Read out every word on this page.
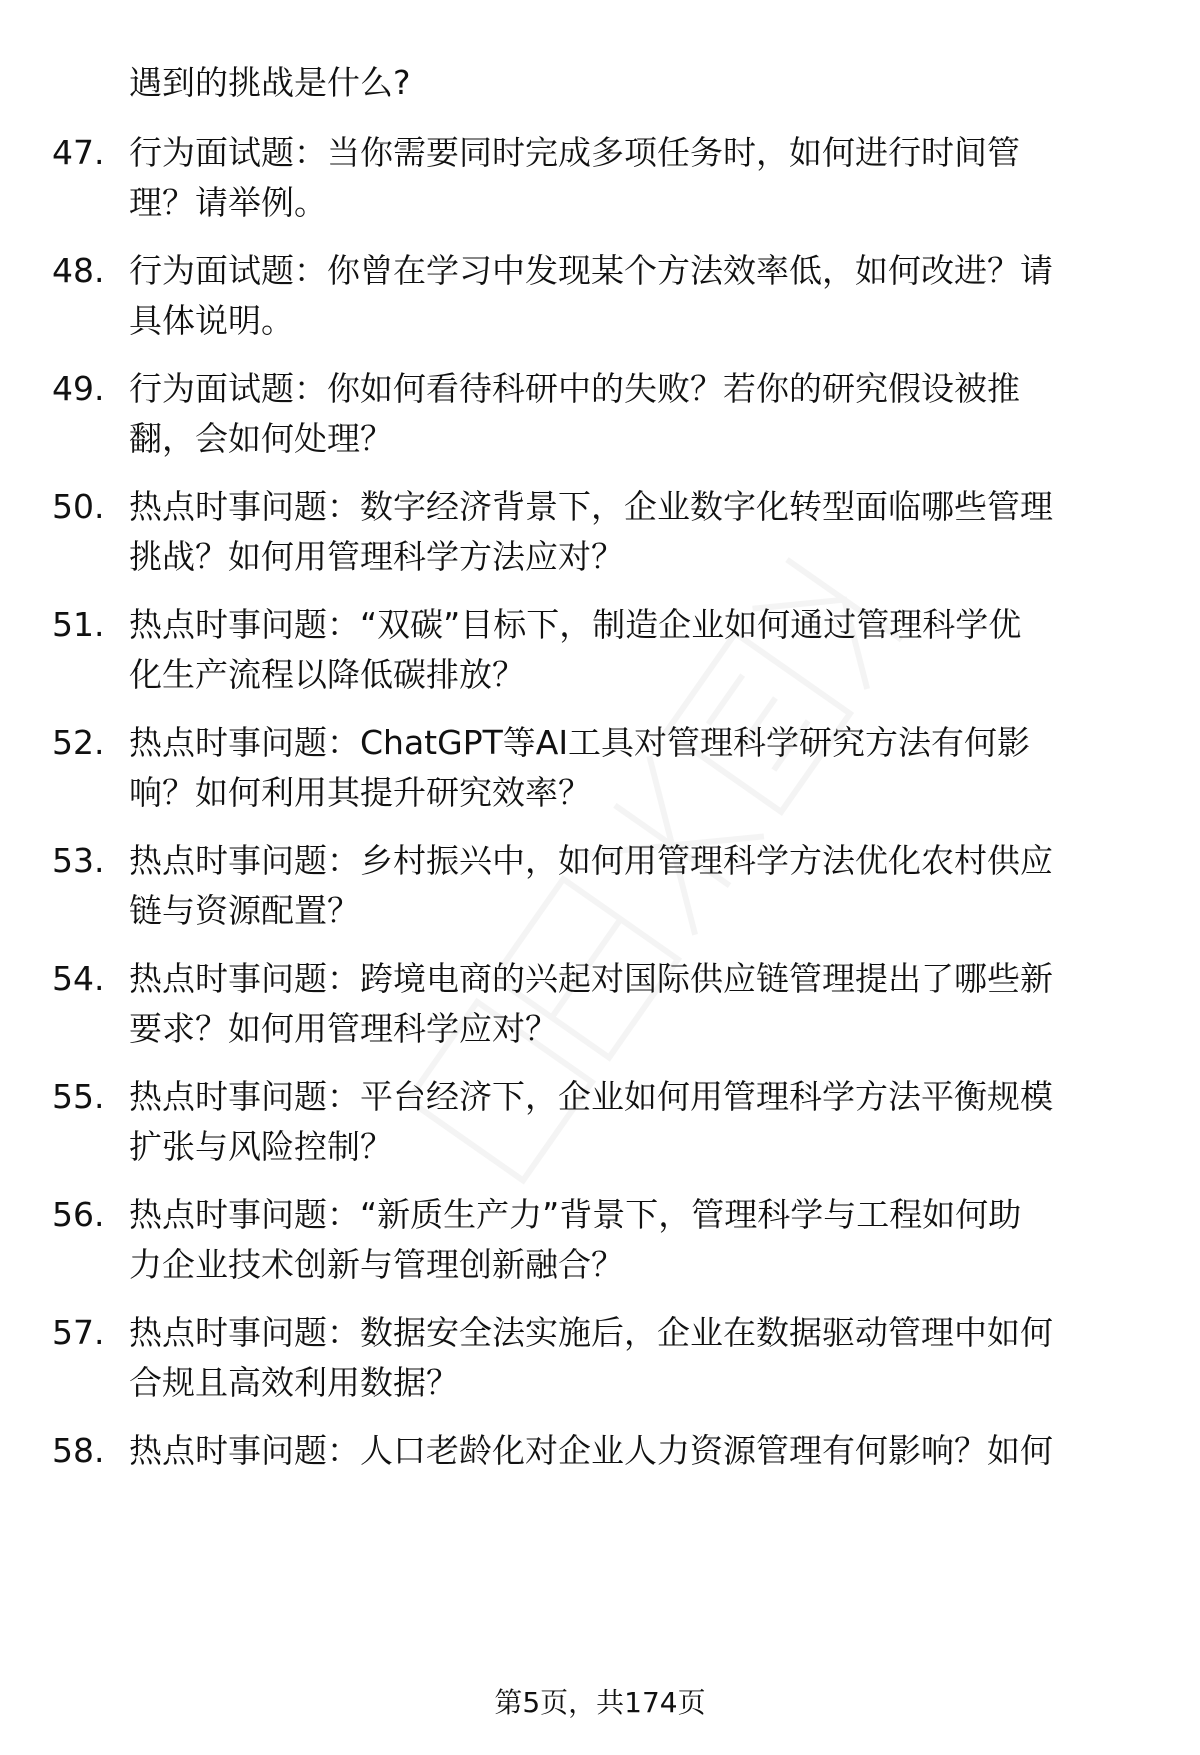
遇到的挑战是什么?
47. 行为面试题：当你需要同时完成多项任务时，如何进行时间管
理？请举例。
48. 行为面试题：你曾在学习中发现某个方法效率低，如何改进？请
具体说明。
49. 行为面试题：你如何看待科研中的失败？若你的研究假设被推
翻，会如何处理？
50. 热点时事问题：数字经济背景下，企业数字化转型面临哪些管理
挑战？如何用管理科学方法应对？
51. 热点时事问题：“双碳”目标下，制造企业如何通过管理科学优
化生产流程以降低碳排放？
52. 热点时事问题：ChatGPT等AI工具对管理科学研究方法有何影
响？如何利用其提升研究效率？
53. 热点时事问题：乡村振兴中，如何用管理科学方法优化农村供应
链与资源配置？
54. 热点时事问题：跨境电商的兴起对国际供应链管理提出了哪些新
要求？如何用管理科学应对？
55. 热点时事问题：平台经济下，企业如何用管理科学方法平衡规模
扩张与风险控制？
56. 热点时事问题：“新质生产力”背景下，管理科学与工程如何助
力企业技术创新与管理创新融合？
57. 热点时事问题：数据安全法实施后，企业在数据驱动管理中如何
合规且高效利用数据？
58. 热点时事问题：人口老龄化对企业人力资源管理有何影响？如何
第5页，共174页
